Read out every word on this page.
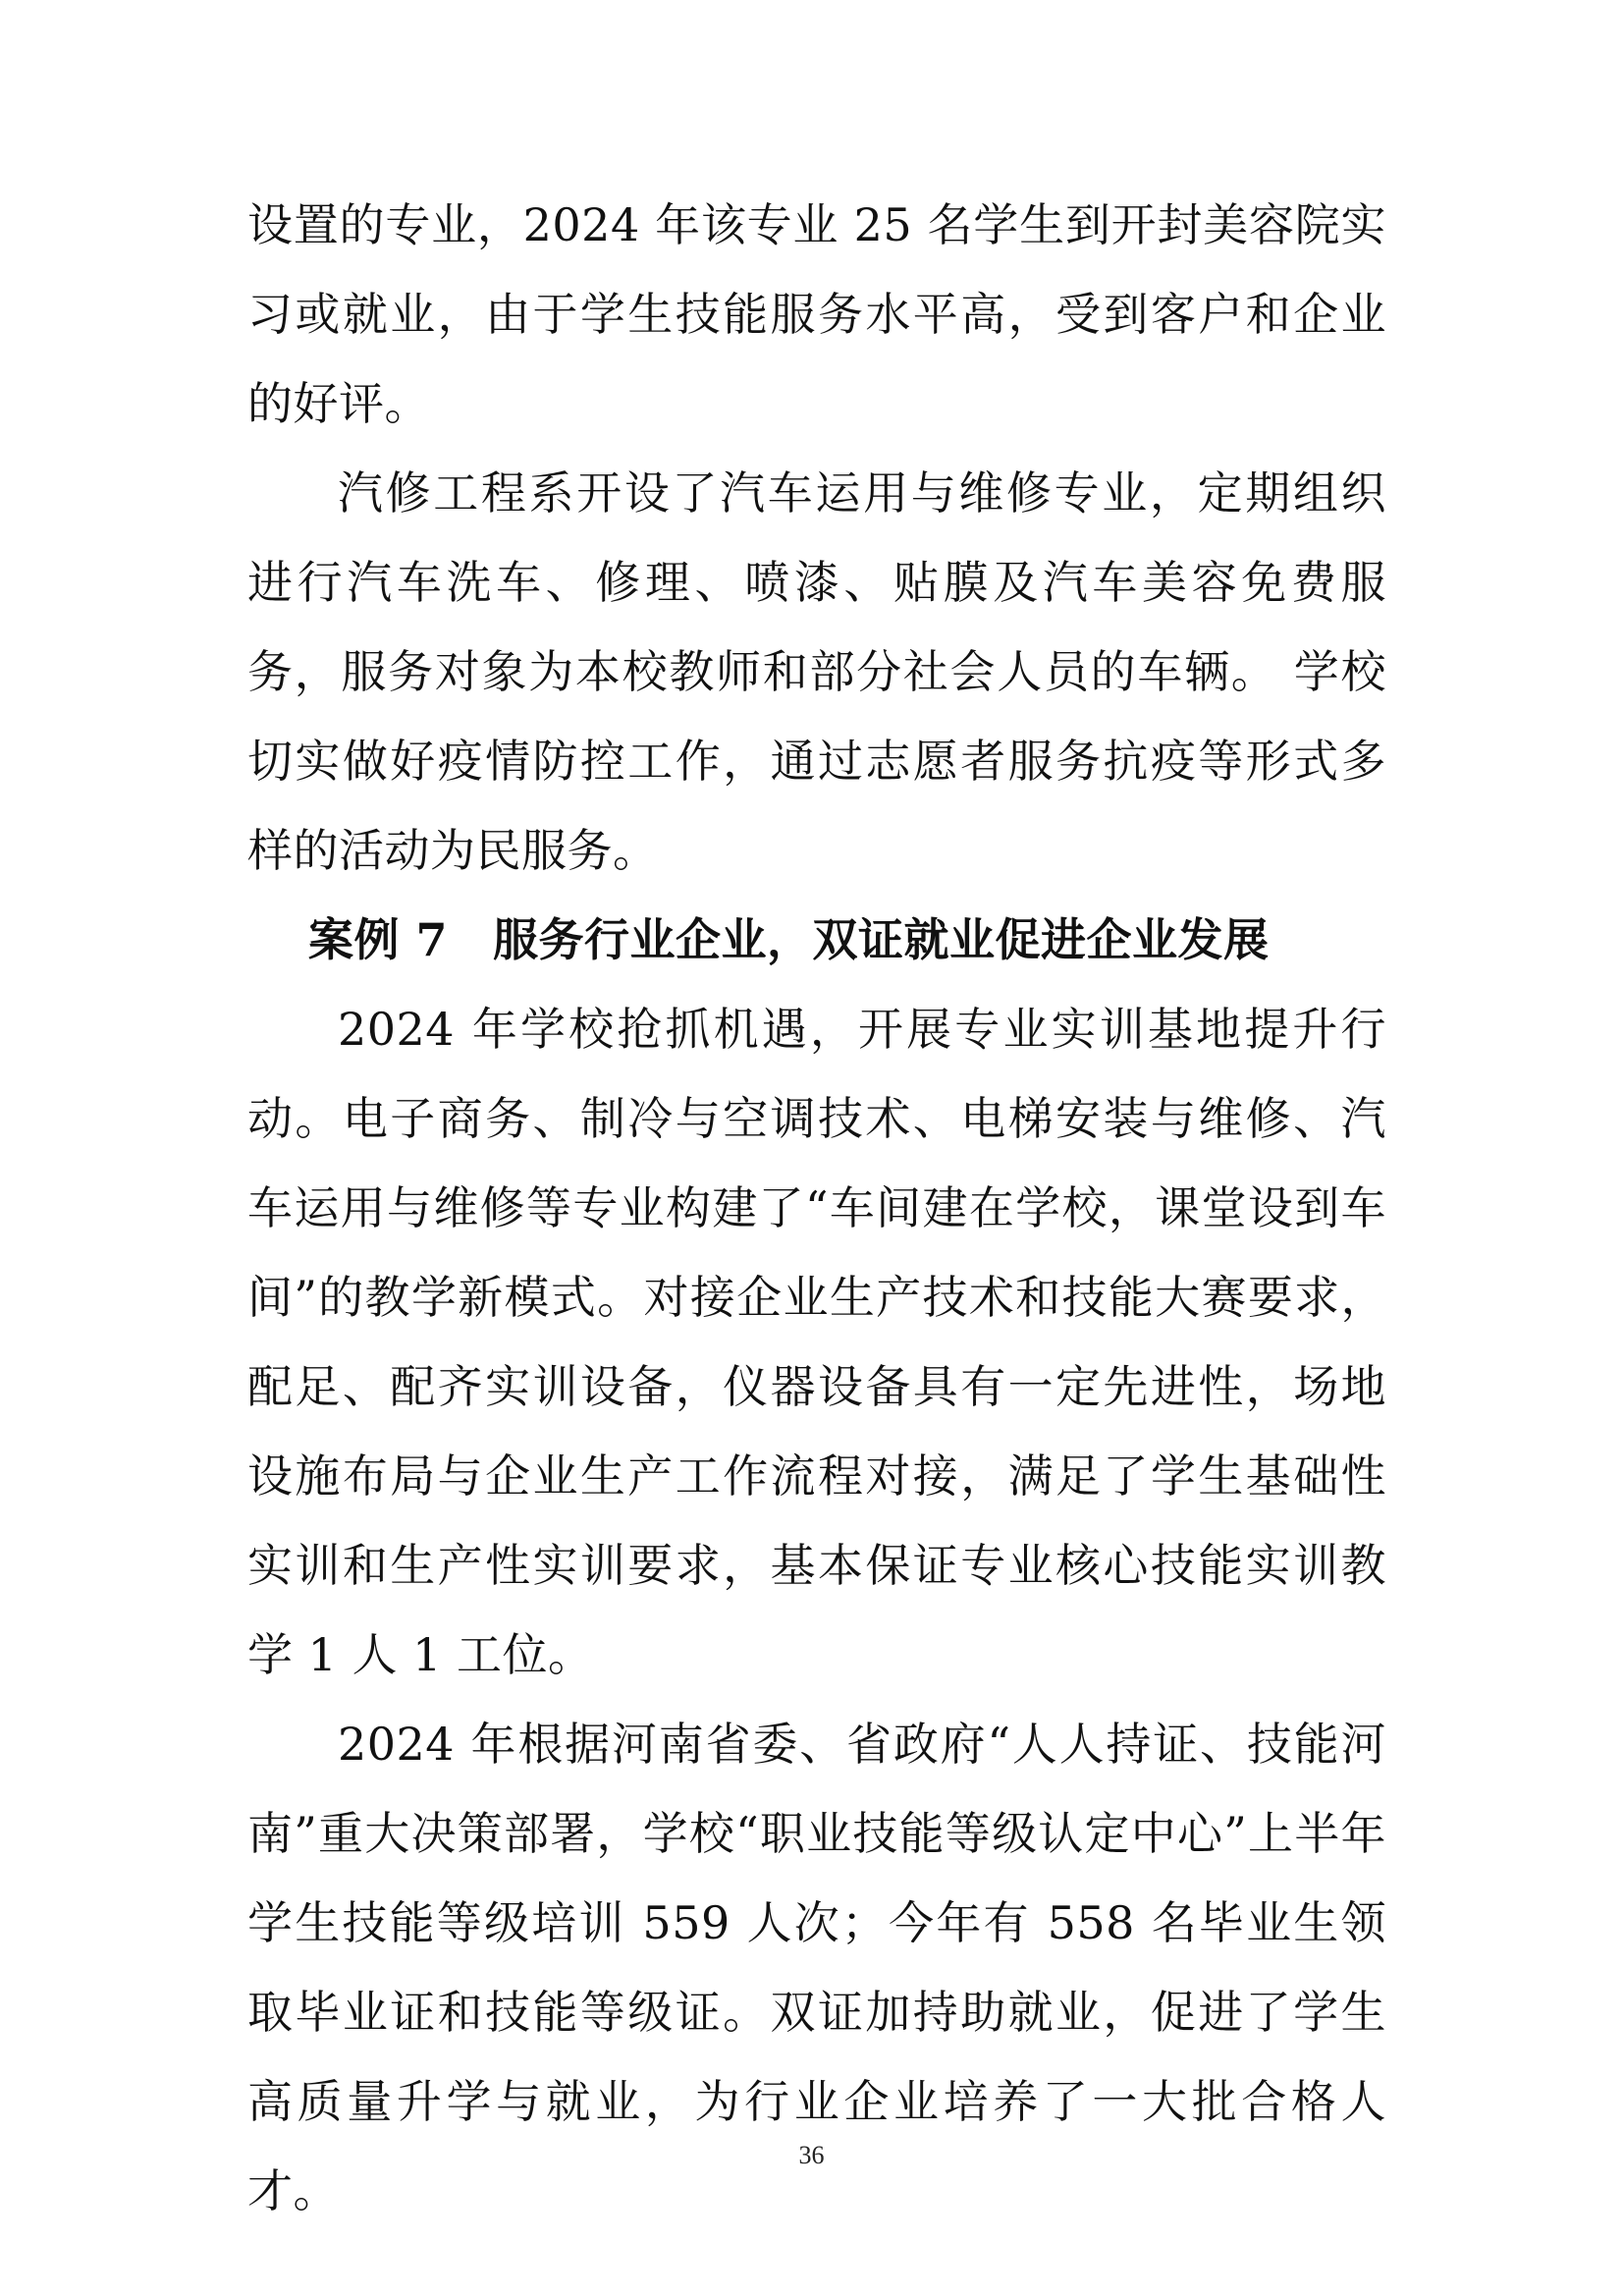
设置的专业，2024 年该专业 25 名学生到开封美容院实习或就业，由于学生技能服务水平高，受到客户和企业的好评。

汽修工程系开设了汽车运用与维修专业，定期组织进行汽车洗车、修理、喷漆、贴膜及汽车美容免费服务，服务对象为本校教师和部分社会人员的车辆。 学校切实做好疫情防控工作，通过志愿者服务抗疫等形式多样的活动为民服务。

案例 7 服务行业企业，双证就业促进企业发展

2024 年学校抢抓机遇，开展专业实训基地提升行动。电子商务、制冷与空调技术、电梯安装与维修、汽车运用与维修等专业构建了“车间建在学校，课堂设到车间”的教学新模式。对接企业生产技术和技能大赛要求，配足、配齐实训设备，仪器设备具有一定先进性，场地设施布局与企业生产工作流程对接，满足了学生基础性实训和生产性实训要求，基本保证专业核心技能实训教学 1 人 1 工位。

2024 年根据河南省委、省政府“人人持证、技能河南”重大决策部署，学校“职业技能等级认定中心”上半年学生技能等级培训 559 人次；今年有 558 名毕业生领取毕业证和技能等级证。双证加持助就业，促进了学生高质量升学与就业，为行业企业培养了一大批合格人才。

36
